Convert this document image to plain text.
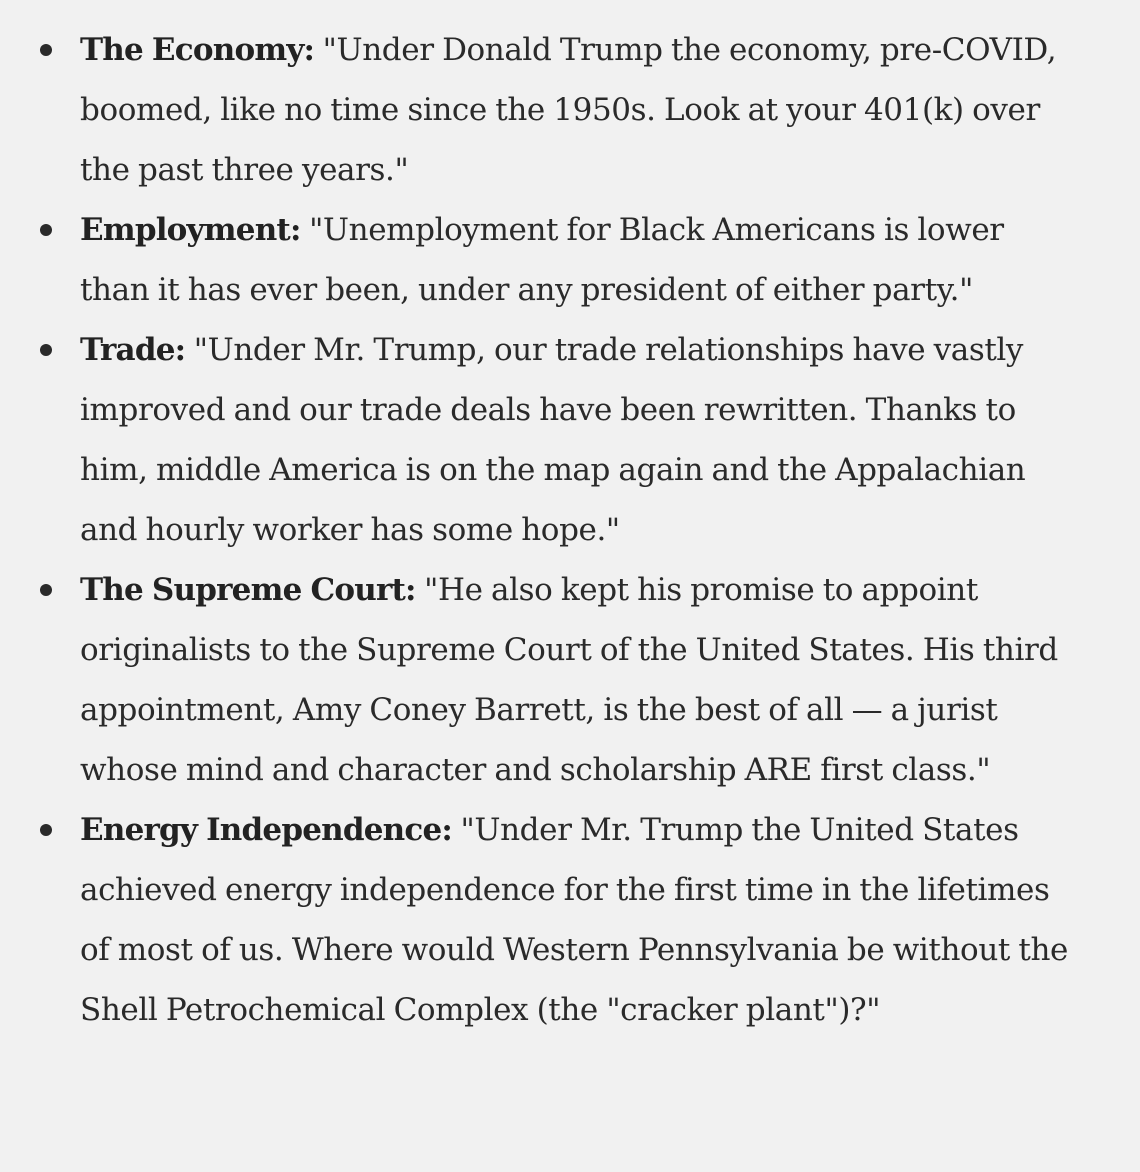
The Economy: "Under Donald Trump the economy, pre-COVID, boomed, like no time since the 1950s. Look at your 401(k) over the past three years."
Employment: "Unemployment for Black Americans is lower than it has ever been, under any president of either party."
Trade: "Under Mr. Trump, our trade relationships have vastly improved and our trade deals have been rewritten. Thanks to him, middle America is on the map again and the Appalachian and hourly worker has some hope."
The Supreme Court: "He also kept his promise to appoint originalists to the Supreme Court of the United States. His third appointment, Amy Coney Barrett, is the best of all — a jurist whose mind and character and scholarship ARE first class."
Energy Independence: "Under Mr. Trump the United States achieved energy independence for the first time in the lifetimes of most of us. Where would Western Pennsylvania be without the Shell Petrochemical Complex (the "cracker plant")?"
